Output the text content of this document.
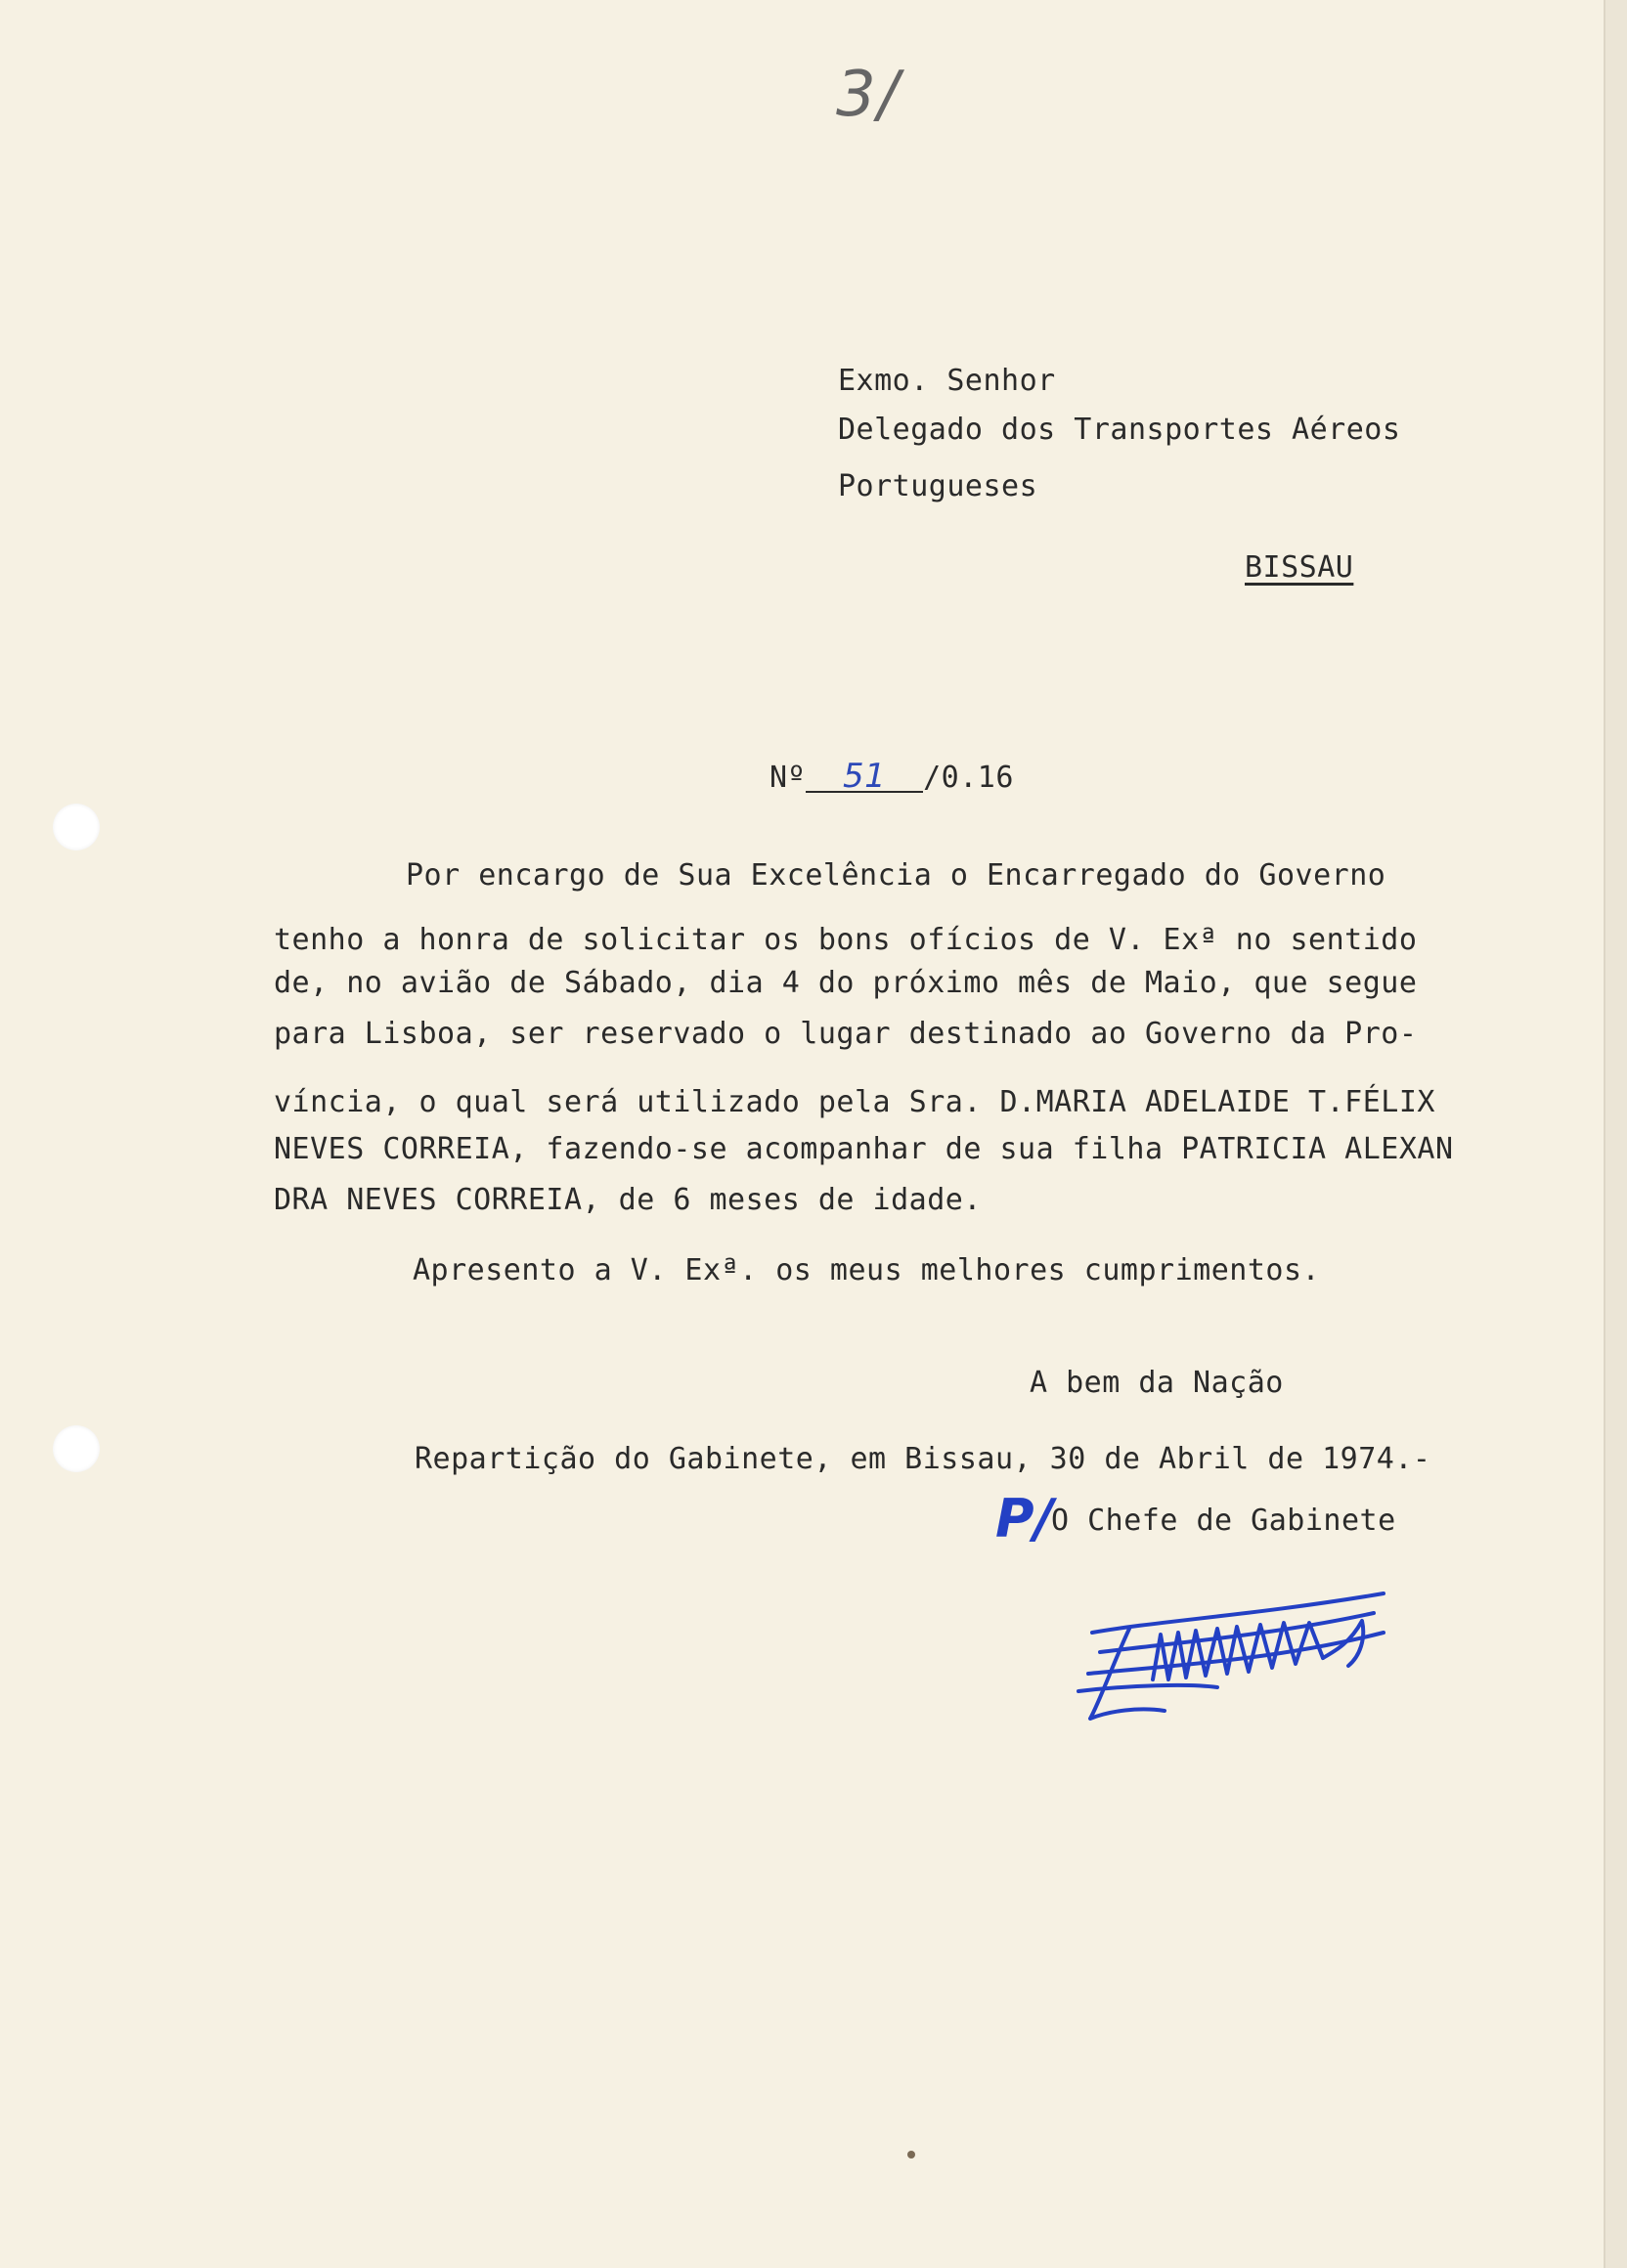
3/
Exmo. Senhor
Delegado dos Transportes Aéreos
Portugueses
BISSAU
Nº 51 /0.16
Por encargo de Sua Excelência o Encarregado do Governo
tenho a honra de solicitar os bons ofícios de V. Exª no sentido
de, no avião de Sábado, dia 4 do próximo mês de Maio, que segue
para Lisboa, ser reservado o lugar destinado ao Governo da Pro-
víncia, o qual será utilizado pela Sra. D.MARIA ADELAIDE T.FÉLIX
NEVES CORREIA, fazendo-se acompanhar de sua filha PATRICIA ALEXAN
DRA NEVES CORREIA, de 6 meses de idade.
Apresento a V. Exª. os meus melhores cumprimentos.
A bem da Nação
Repartição do Gabinete, em Bissau, 30 de Abril de 1974.-
P/
O Chefe de Gabinete
